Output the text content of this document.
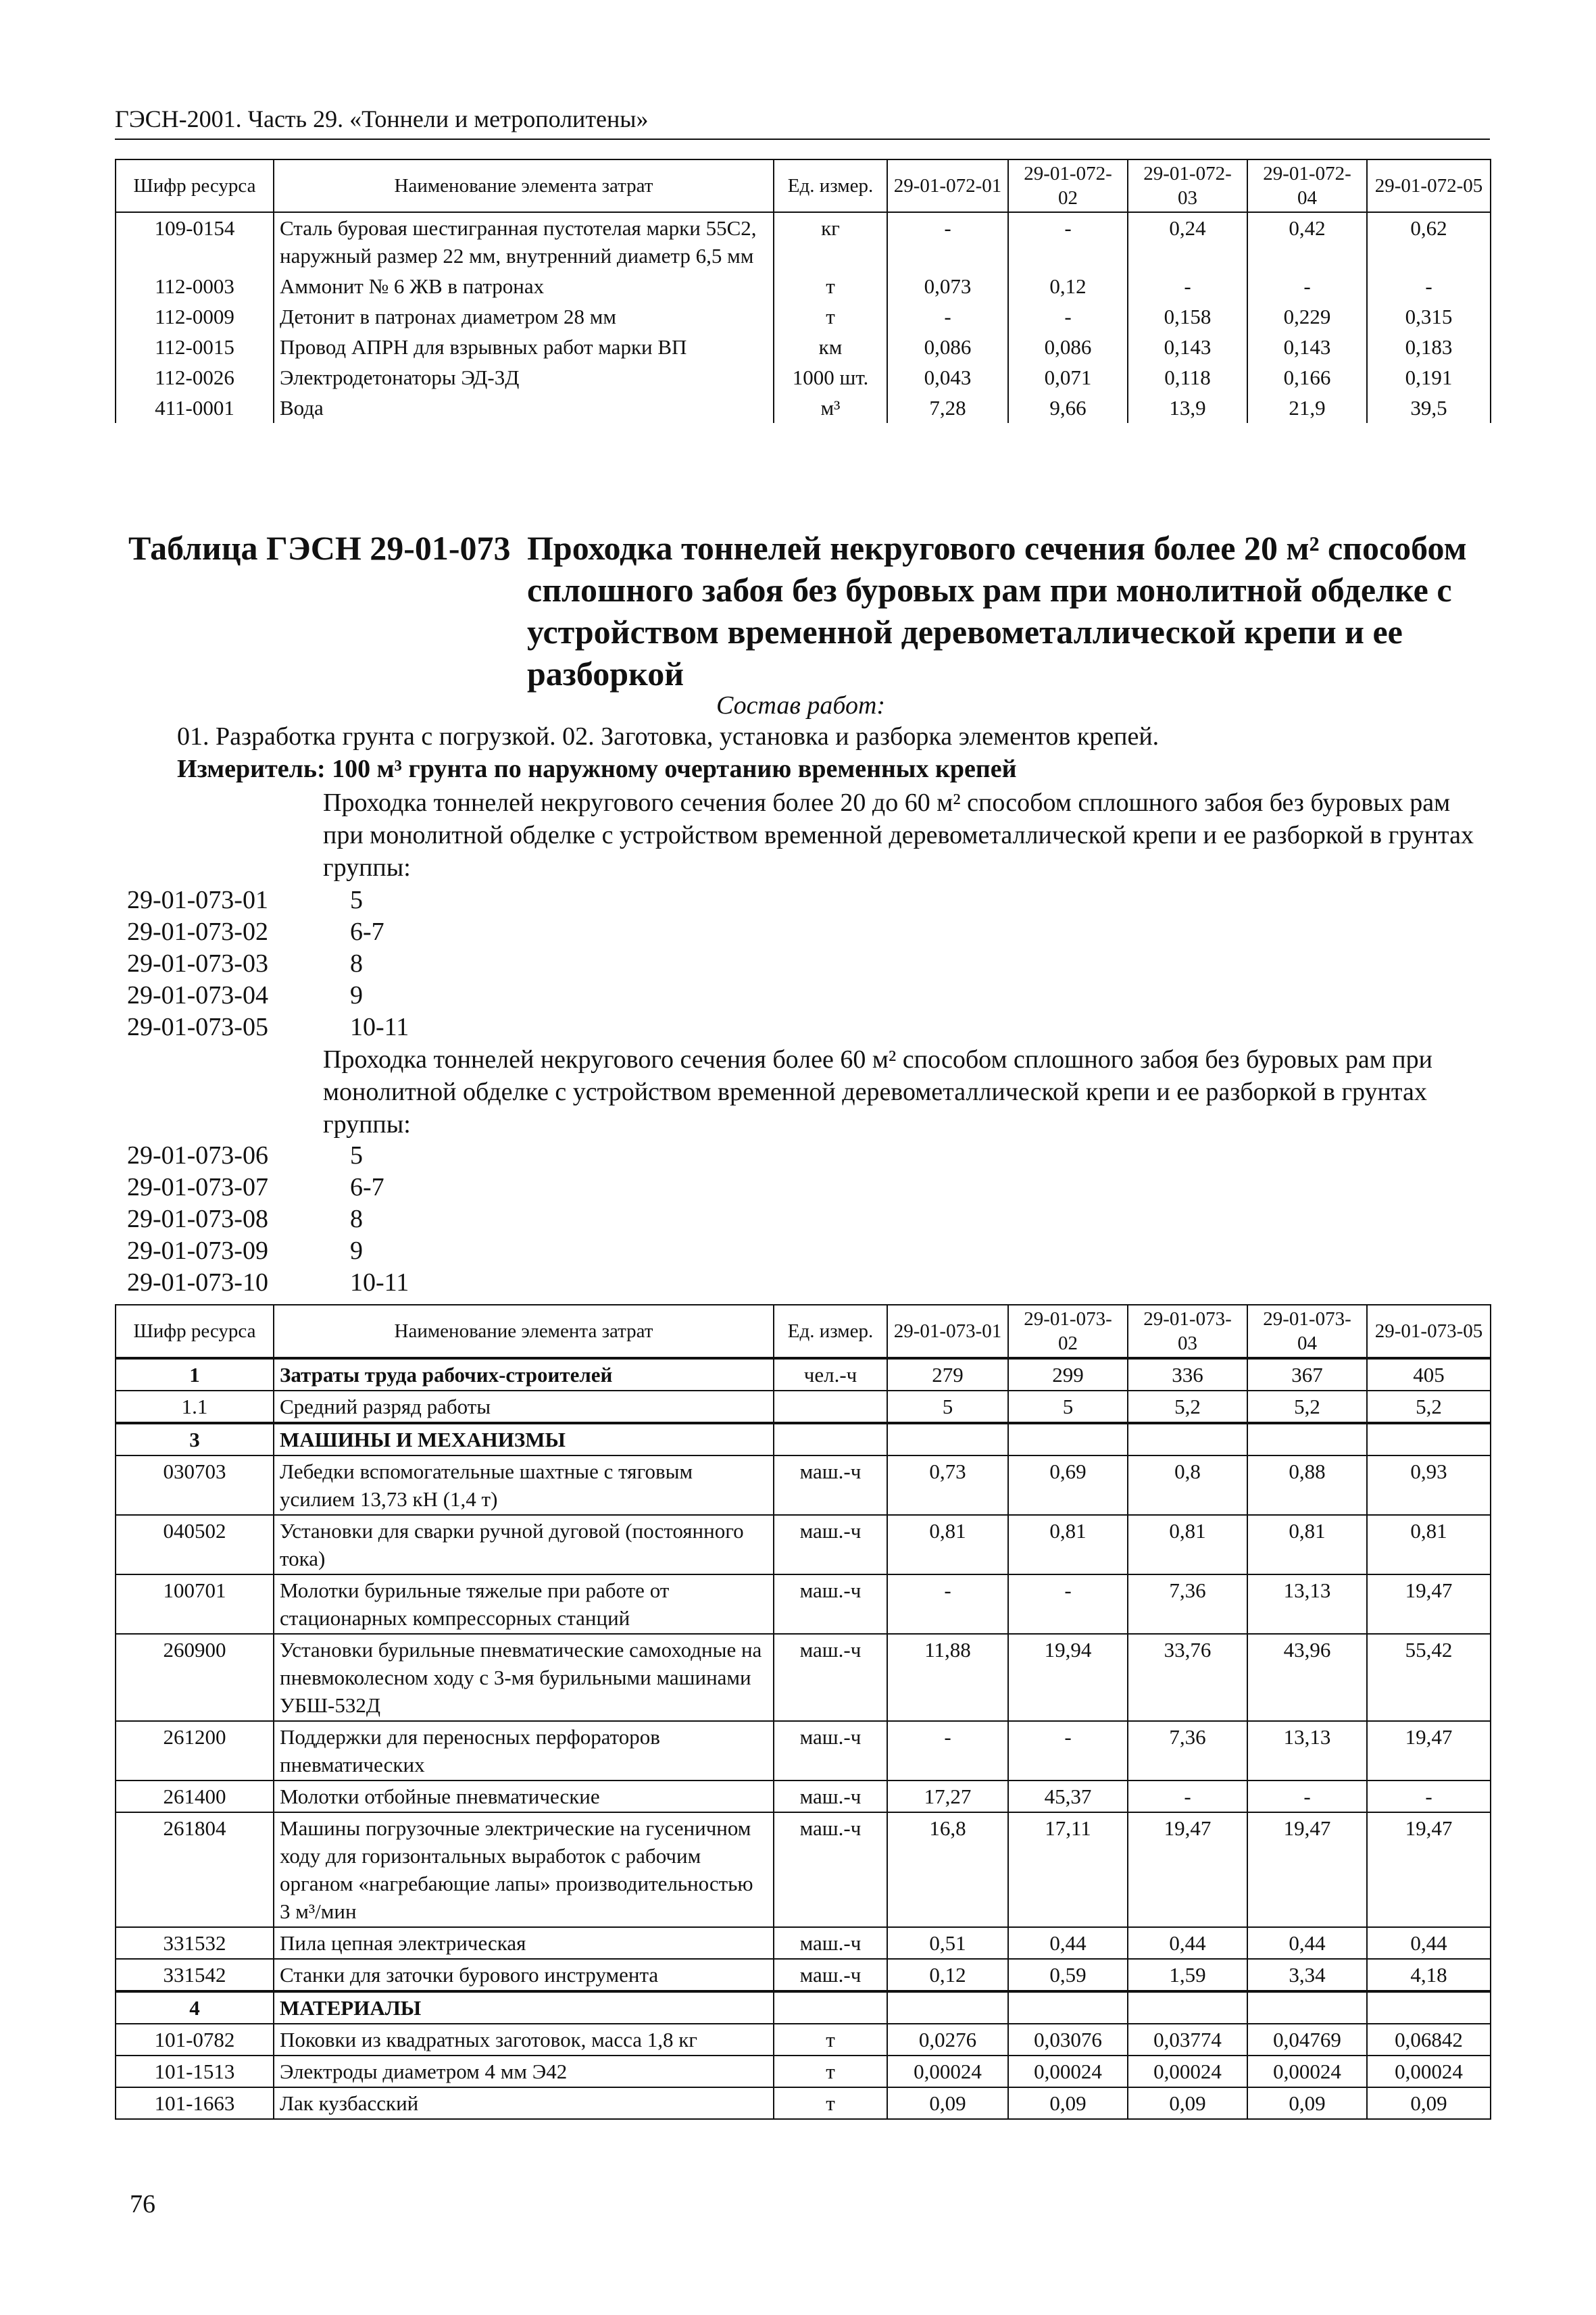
ГЭСН-2001. Часть 29. «Тоннели и метрополитены»
Шифр ресурса	Наименование элемента затрат	Ед. измер.	29-01-072-01	29-01-072-02	29-01-072-03	29-01-072-04	29-01-072-05
109-0154	Сталь буровая шестигранная пустотелая марки 55С2, наружный размер 22 мм, внутренний диаметр 6,5 мм	кг	-	-	0,24	0,42	0,62
112-0003	Аммонит № 6 ЖВ в патронах	т	0,073	0,12	-	-	-
112-0009	Детонит в патронах диаметром 28 мм	т	-	-	0,158	0,229	0,315
112-0015	Провод АПРН для взрывных работ марки ВП	км	0,086	0,086	0,143	0,143	0,183
112-0026	Электродетонаторы ЭД-3Д	1000 шт.	0,043	0,071	0,118	0,166	0,191
411-0001	Вода	м³	7,28	9,66	13,9	21,9	39,5
Таблица ГЭСН 29-01-073 Проходка тоннелей некругового сечения более 20 м² способом сплошного забоя без буровых рам при монолитной обделке с устройством временной деревометаллической крепи и ее разборкой
Состав работ:
01. Разработка грунта с погрузкой. 02. Заготовка, установка и разборка элементов крепей.
Измеритель: 100 м³ грунта по наружному очертанию временных крепей
Проходка тоннелей некругового сечения более 20 до 60 м² способом сплошного забоя без буровых рам при монолитной обделке с устройством временной деревометаллической крепи и ее разборкой в грунтах группы:
29-01-073-01	5
29-01-073-02	6-7
29-01-073-03	8
29-01-073-04	9
29-01-073-05	10-11
Проходка тоннелей некругового сечения более 60 м² способом сплошного забоя без буровых рам при монолитной обделке с устройством временной деревометаллической крепи и ее разборкой в грунтах группы:
29-01-073-06	5
29-01-073-07	6-7
29-01-073-08	8
29-01-073-09	9
29-01-073-10	10-11
Шифр ресурса	Наименование элемента затрат	Ед. измер.	29-01-073-01	29-01-073-02	29-01-073-03	29-01-073-04	29-01-073-05
1	Затраты труда рабочих-строителей	чел.-ч	279	299	336	367	405
1.1	Средний разряд работы		5	5	5,2	5,2	5,2
3	МАШИНЫ И МЕХАНИЗМЫ						
030703	Лебедки вспомогательные шахтные с тяговым усилием 13,73 кН (1,4 т)	маш.-ч	0,73	0,69	0,8	0,88	0,93
040502	Установки для сварки ручной дуговой (постоянного тока)	маш.-ч	0,81	0,81	0,81	0,81	0,81
100701	Молотки бурильные тяжелые при работе от стационарных компрессорных станций	маш.-ч	-	-	7,36	13,13	19,47
260900	Установки бурильные пневматические самоходные на пневмоколесном ходу с 3-мя бурильными машинами УБШ-532Д	маш.-ч	11,88	19,94	33,76	43,96	55,42
261200	Поддержки для переносных перфораторов пневматических	маш.-ч	-	-	7,36	13,13	19,47
261400	Молотки отбойные пневматические	маш.-ч	17,27	45,37	-	-	-
261804	Машины погрузочные электрические на гусеничном ходу для горизонтальных выработок с рабочим органом «нагребающие лапы» производительностью 3 м³/мин	маш.-ч	16,8	17,11	19,47	19,47	19,47
331532	Пила цепная электрическая	маш.-ч	0,51	0,44	0,44	0,44	0,44
331542	Станки для заточки бурового инструмента	маш.-ч	0,12	0,59	1,59	3,34	4,18
4	МАТЕРИАЛЫ						
101-0782	Поковки из квадратных заготовок, масса 1,8 кг	т	0,0276	0,03076	0,03774	0,04769	0,06842
101-1513	Электроды диаметром 4 мм Э42	т	0,00024	0,00024	0,00024	0,00024	0,00024
101-1663	Лак кузбасский	т	0,09	0,09	0,09	0,09	0,09
76
